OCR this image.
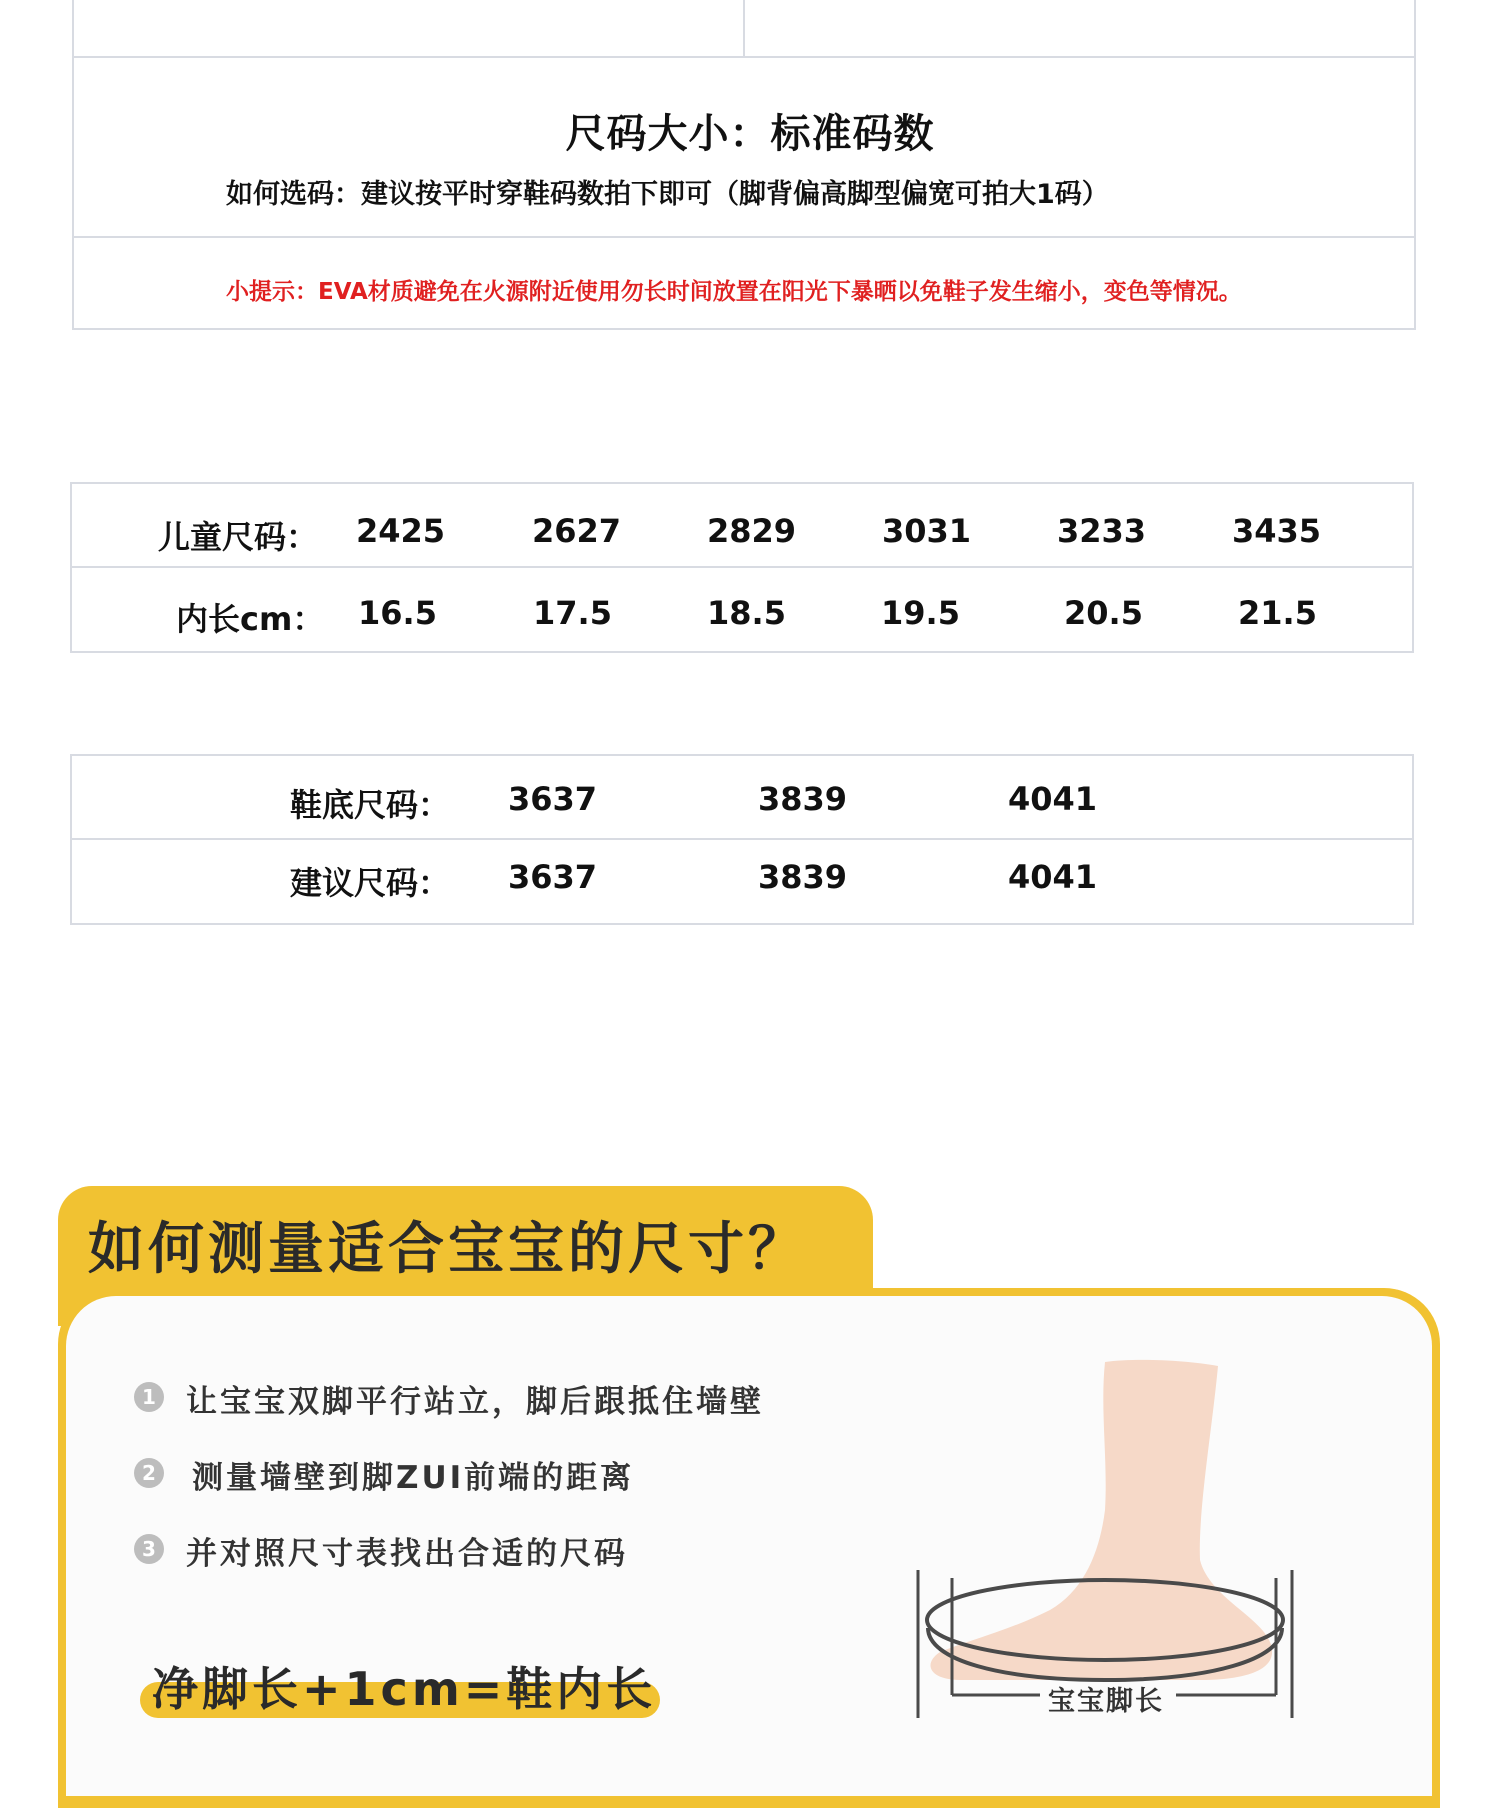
尺码大小：标准码数
如何选码：建议按平时穿鞋码数拍下即可（脚背偏高脚型偏宽可拍大1码）
小提示：EVA材质避免在火源附近使用勿长时间放置在阳光下暴晒以免鞋子发生缩小，变色等情况。
儿童尺码： 2425	2627	2829	3031	3233	3435
内长cm： 16.5	17.5	18.5	19.5	20.5	21.5
鞋底尺码： 3637	3839	4041
建议尺码： 3637	3839	4041
如何测量适合宝宝的尺寸？
1 让宝宝双脚平行站立，脚后跟抵住墙壁
2 测量墙壁到脚ZUI前端的距离
3 并对照尺寸表找出合适的尺码
净脚长+1cm=鞋内长	宝宝脚长
